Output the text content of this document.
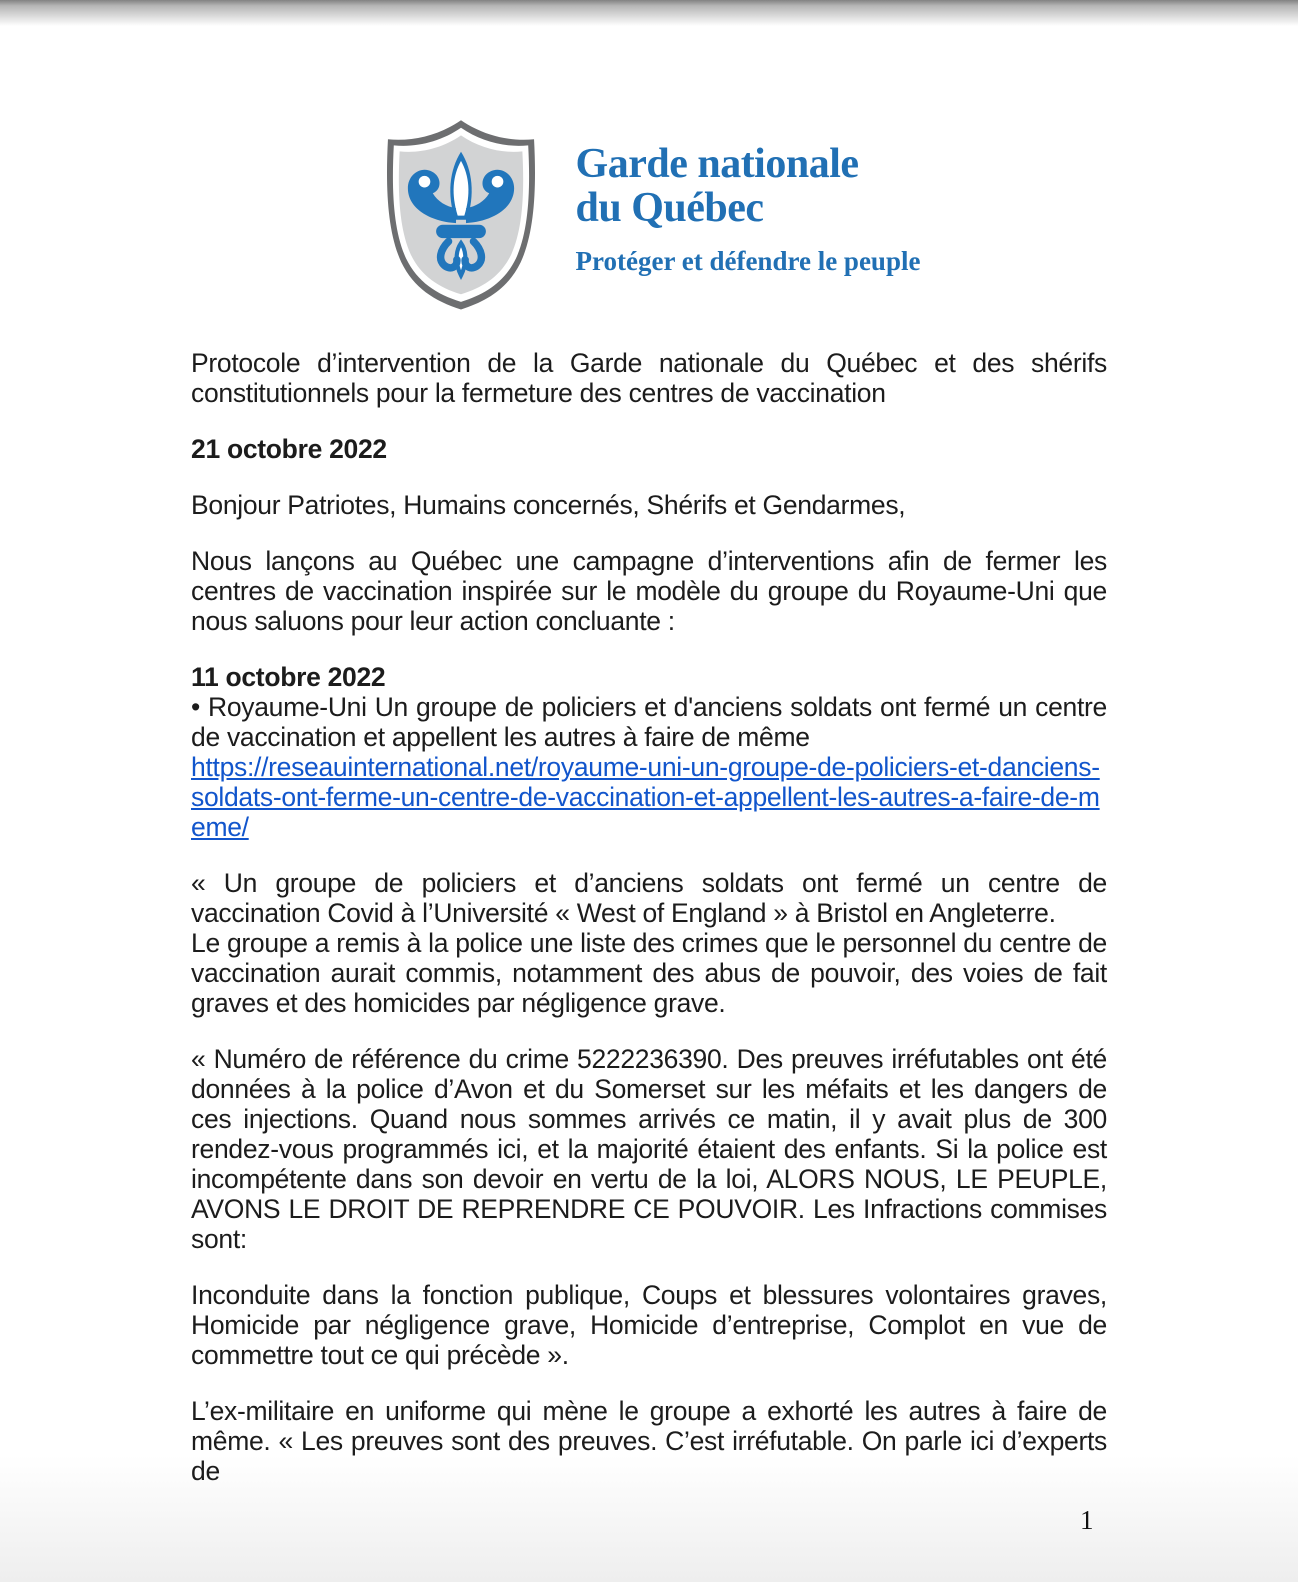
Garde nationale
du Québec
Protéger et défendre le peuple

Protocole d’intervention de la Garde nationale du Québec et des shérifs constitutionnels pour la fermeture des centres de vaccination

21 octobre 2022

Bonjour Patriotes, Humains concernés, Shérifs et Gendarmes,

Nous lançons au Québec une campagne d’interventions afin de fermer les centres de vaccination inspirée sur le modèle du groupe du Royaume-Uni que nous saluons pour leur action concluante :

11 octobre 2022

• Royaume-Uni Un groupe de policiers et d'anciens soldats ont fermé un centre de vaccination et appellent les autres à faire de même

https://reseauinternational.net/royaume-uni-un-groupe-de-policiers-et-danciens-soldats-ont-ferme-un-centre-de-vaccination-et-appellent-les-autres-a-faire-de-meme/

« Un groupe de policiers et d’anciens soldats ont fermé un centre de vaccination Covid à l’Université « West of England » à Bristol en Angleterre.

Le groupe a remis à la police une liste des crimes que le personnel du centre de vaccination aurait commis, notamment des abus de pouvoir, des voies de fait graves et des homicides par négligence grave.

« Numéro de référence du crime 5222236390. Des preuves irréfutables ont été données à la police d’Avon et du Somerset sur les méfaits et les dangers de ces injections. Quand nous sommes arrivés ce matin, il y avait plus de 300 rendez-vous programmés ici, et la majorité étaient des enfants. Si la police est incompétente dans son devoir en vertu de la loi, ALORS NOUS, LE PEUPLE, AVONS LE DROIT DE REPRENDRE CE POUVOIR. Les Infractions commises sont:

Inconduite dans la fonction publique, Coups et blessures volontaires graves, Homicide par négligence grave, Homicide d’entreprise, Complot en vue de commettre tout ce qui précède ».

L’ex-militaire en uniforme qui mène le groupe a exhorté les autres à faire de même. « Les preuves sont des preuves. C’est irréfutable. On parle ici d’experts de

1
